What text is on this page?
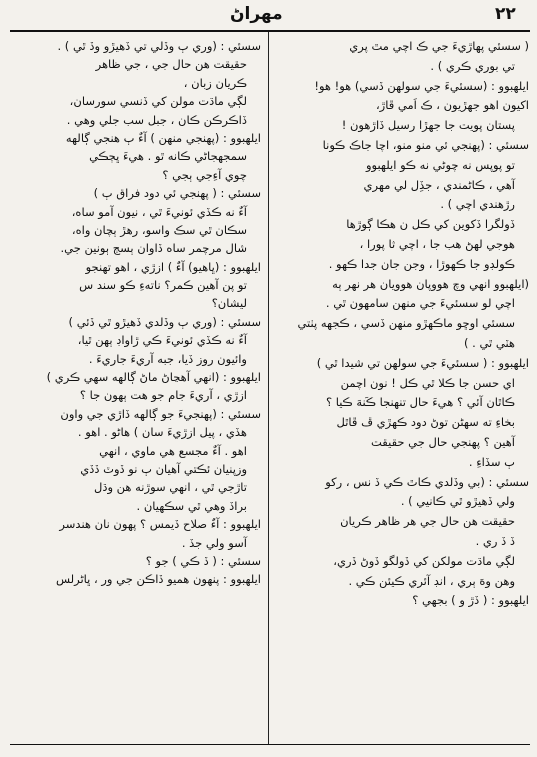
۲۲
مهراڻ
( سسئي پهاڙيءَ جي ڪ اچي مٿ پري
تي بوري ڪري ) .
ايلهبوو : (سسئيءَ جي سولهن ڏسي) هو! هو!
اکيون اهو جهڙيون ، ڪ اَمي ڦاڙ،
پستان پويت جا جهڙا رسيل ڏاڙهون !
سسئي : (پهنجي ئي منو منو، اچا جاڪ ڪونا
تو پوپس نه چوڻي نه ڪو ايلهبوو
آهي ، ڪاڻمندي ، جڏِل لي مهري
رڙهندي اچي ) .
ڏولگرا ڏکوين کي ڪل ن هڪا ڳوڙها
هوجي لهڻ هب جا ، اچي ثا پورا ،
ڪولڊو جا ڪهوڙا ، وجن جان جدا ڪهو .
(ايلهبوو انهي وچ هووپان هوويان هر نهر ٻه
اچي لو سسئيءَ جي منهن سامهون ٿي .
سسئي اوڇو ماڪهڙو منهن ڏسي ، ڪجهه پٺتي
هٽي ٿي . )
ايلهبوو : ( سسئيءَ جي سولهن تي شيدا ٿي )
اي حسن جا ڪلا ٿي ڪل ! نون اچمن
ڪاٿان آئي ؟ هيءَ حال تنهنجا ڪَنهَ ڪيا ؟
بخاءِ ته سهڻن توڻ دود ڪهڙي ڦ ڦاٿل
آهين ؟ پهنجي حال جي حقيقت
ٻ سڏاءِ .
سسئي : (بي وڏلدي ڪاٿ ڪي ڏ نس ، رکو
ولي ڏهيڙو ٿي ڪانيي ) .
حقيقت هن حال جي هر ظاهر ڪريان
ڏ ڏ ري .
لڳي ماڌت مولکن کي ڏولگو ڏوڻ ڏري،
وهن وهَ ٻري ، انڊ آئري ڪيئن ڪي .
ايلهبوو : ( ڏڙ و ) بجهي ؟
سسئي : (وري ٻ وڏلي تي ڏهيڙو وڏ ٿي ) .
حقيقت هن حال جي ، جي ظاهر
ڪريان زبان ،
لڳي ماڌت مولن کي ڏنسي سورسان،
ڏاڪرڪن ڪان ، جبل سب جلي وهي .
ايلهبوو : (پهنجي منهن ) آءٌ ٻ هنجي ڳالهه
سمجهجاڻي ڪانه ٿو . هيءَ ڀڄڪي
چوي آءِجي ٻجي ؟
سسئي : ( پهنجي ئي دود فراق ٻ )
آءٌ نه ڪڏي ئونيءَ ٿي ، نيون آمو ساه،
سڪان ٿي سڪ واسو، رهڙ ٻچان واه،
شال مرچمر ساه ڏاوان ٻسڄ ٻونين جي.
ايلهبوو : (ڀاهيو) آءٌ ) ازڙي ، اهو تهنجو
تو پن آهين ڪمر؟ ناتهءِ ڪو سند س
ليشان؟
سسئي : (وري ٻ وڏلدي ڏهيڙو ٿي ڏئي )
آءٌ نه ڪڏي ئونيءَ ڪي ڙاواڊ ٻهن ٿيا،
وائيون روز ڏيا، جبه آريءَ جاريءَ .
ايلهبوو : (انهي آهڃاڻ ماڻ ڳالهه سهي ڪري )
ازڙي ، آريءَ جام جو هت ٻهون جا ؟
سسئي : (پهنجيءَ جو ڳالهه ڏاڙي جي واون
هڏي ، پيل ازڙيءَ سان ) هاڻو . اهو .
اهو . آءٌ مجسع هي ماوي ، انهي
وزپنيان ئڪتي آهيان ٻ نو ڏوٽ ڏڏي
تاڙجي ٿي ، انهي سوڙنه هن وڌل
براڏ وهي ٿي سڪهيان .
ايلهبوو : آءٌ صلاح ڏيمس ؟ پهون نان هندسر
آسو ولي جڏ .
سسئي : ( ڏ ڪي ) جو ؟
ايلهبوو : پنهون هميو ڏاڪن جي ور ، ڀاڻرلس
